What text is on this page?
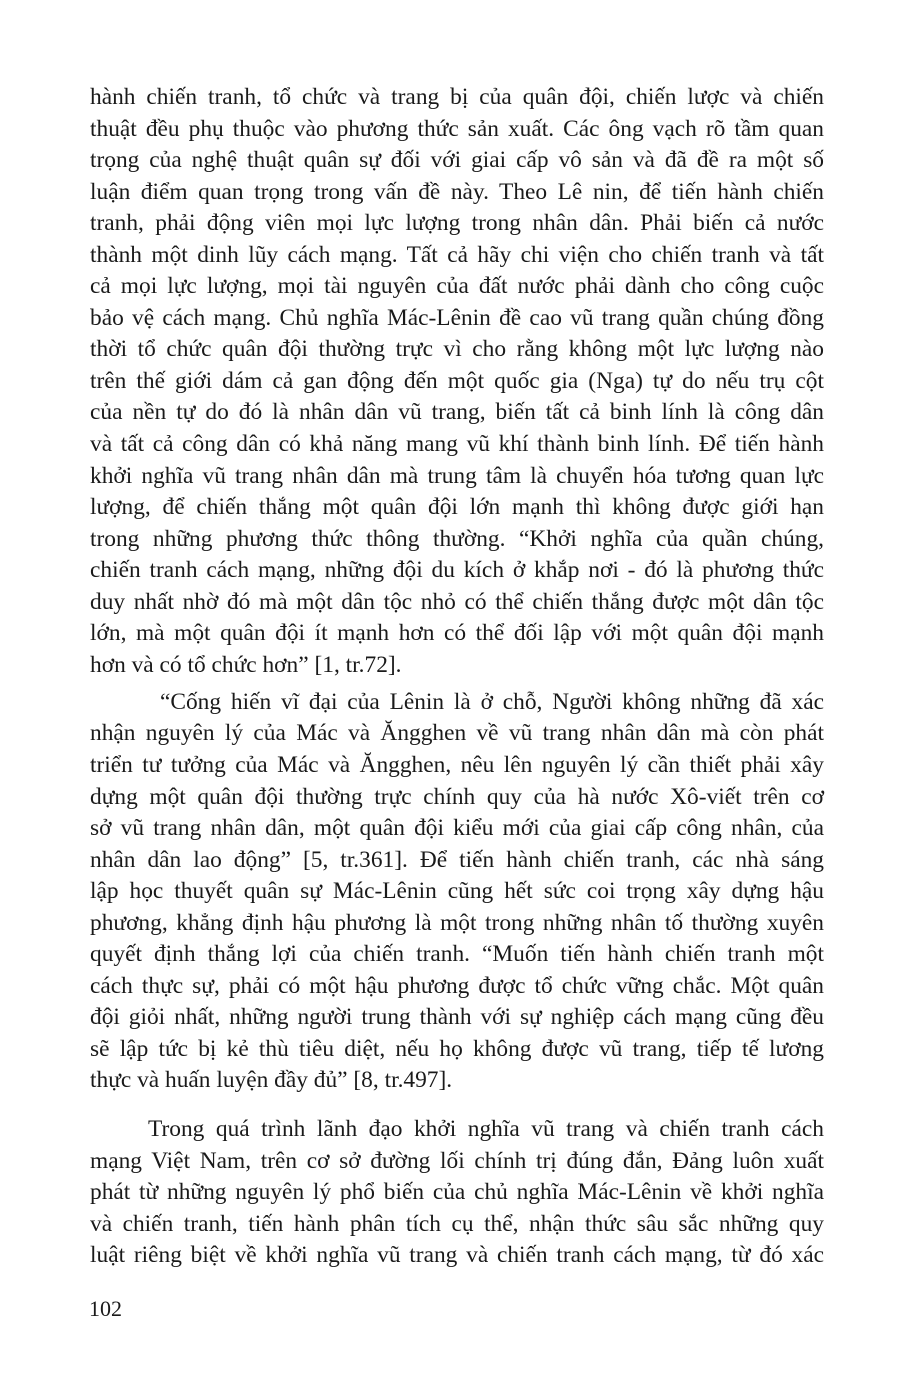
hành chiến tranh, tổ chức và trang bị của quân đội, chiến lược và chiến
thuật đều phụ thuộc vào phương thức sản xuất. Các ông vạch rõ tầm quan
trọng của nghệ thuật quân sự đối với giai cấp vô sản và đã đề ra một số
luận điểm quan trọng trong vấn đề này. Theo Lê nin, để tiến hành chiến
tranh, phải động viên mọi lực lượng trong nhân dân. Phải biến cả nước
thành một dinh lũy cách mạng. Tất cả hãy chi viện cho chiến tranh và tất
cả mọi lực lượng, mọi tài nguyên của đất nước phải dành cho công cuộc
bảo vệ cách mạng. Chủ nghĩa Mác-Lênin đề cao vũ trang quần chúng đồng
thời tổ chức quân đội thường trực vì cho rằng không một lực lượng nào
trên thế giới dám cả gan động đến một quốc gia (Nga) tự do nếu trụ cột
của nền tự do đó là nhân dân vũ trang, biến tất cả binh lính là công dân
và tất cả công dân có khả năng mang vũ khí thành binh lính. Để tiến hành
khởi nghĩa vũ trang nhân dân mà trung tâm là chuyển hóa tương quan lực
lượng, để chiến thắng một quân đội lớn mạnh thì không được giới hạn
trong những phương thức thông thường. “Khởi nghĩa của quần chúng,
chiến tranh cách mạng, những đội du kích ở khắp nơi - đó là phương thức
duy nhất nhờ đó mà một dân tộc nhỏ có thể chiến thắng được một dân tộc
lớn, mà một quân đội ít mạnh hơn có thể đối lập với một quân đội mạnh
hơn và có tổ chức hơn” [1, tr.72].

“Cống hiến vĩ đại của Lênin là ở chỗ, Người không những đã xác
nhận nguyên lý của Mác và Ăngghen về vũ trang nhân dân mà còn phát
triển tư tưởng của Mác và Ăngghen, nêu lên nguyên lý cần thiết phải xây
dựng một quân đội thường trực chính quy của hà nước Xô-viết trên cơ
sở vũ trang nhân dân, một quân đội kiểu mới của giai cấp công nhân, của
nhân dân lao động” [5, tr.361]. Để tiến hành chiến tranh, các nhà sáng
lập học thuyết quân sự Mác-Lênin cũng hết sức coi trọng xây dựng hậu
phương, khẳng định hậu phương là một trong những nhân tố thường xuyên
quyết định thắng lợi của chiến tranh. “Muốn tiến hành chiến tranh một
cách thực sự, phải có một hậu phương được tổ chức vững chắc. Một quân
đội giỏi nhất, những người trung thành với sự nghiệp cách mạng cũng đều
sẽ lập tức bị kẻ thù tiêu diệt, nếu họ không được vũ trang, tiếp tế lương
thực và huấn luyện đầy đủ” [8, tr.497].

Trong quá trình lãnh đạo khởi nghĩa vũ trang và chiến tranh cách
mạng Việt Nam, trên cơ sở đường lối chính trị đúng đắn, Đảng luôn xuất
phát từ những nguyên lý phổ biến của chủ nghĩa Mác-Lênin về khởi nghĩa
và chiến tranh, tiến hành phân tích cụ thể, nhận thức sâu sắc những quy
luật riêng biệt về khởi nghĩa vũ trang và chiến tranh cách mạng, từ đó xác

102
